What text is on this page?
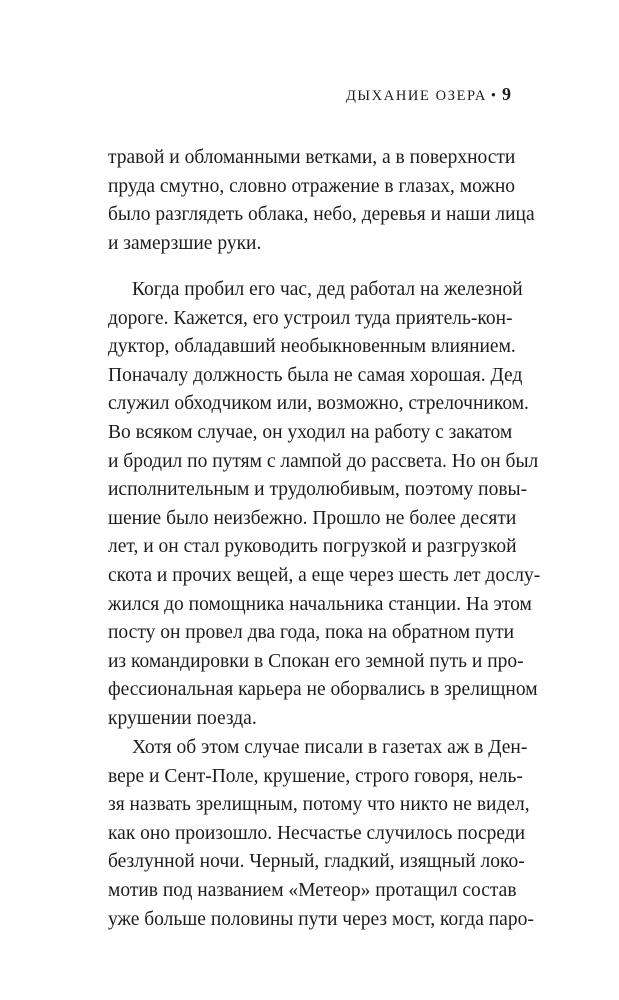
ДЫХАНИЕ ОЗЕРА • 9
травой и обломанными ветками, а в поверхности
пруда смутно, словно отражение в глазах, можно
было разглядеть облака, небо, деревья и наши лица
и замерзшие руки.
Когда пробил его час, дед работал на железной
дороге. Кажется, его устроил туда приятель-кон-
дуктор, обладавший необыкновенным влиянием.
Поначалу должность была не самая хорошая. Дед
служил обходчиком или, возможно, стрелочником.
Во всяком случае, он уходил на работу с закатом
и бродил по путям с лампой до рассвета. Но он был
исполнительным и трудолюбивым, поэтому повы-
шение было неизбежно. Прошло не более десяти
лет, и он стал руководить погрузкой и разгрузкой
скота и прочих вещей, а еще через шесть лет дослу-
жился до помощника начальника станции. На этом
посту он провел два года, пока на обратном пути
из командировки в Спокан его земной путь и про-
фессиональная карьера не оборвались в зрелищном
крушении поезда.
Хотя об этом случае писали в газетах аж в Ден-
вере и Сент-Поле, крушение, строго говоря, нель-
зя назвать зрелищным, потому что никто не видел,
как оно произошло. Несчастье случилось посреди
безлунной ночи. Черный, гладкий, изящный локо-
мотив под названием «Метеор» протащил состав
уже больше половины пути через мост, когда паро-
